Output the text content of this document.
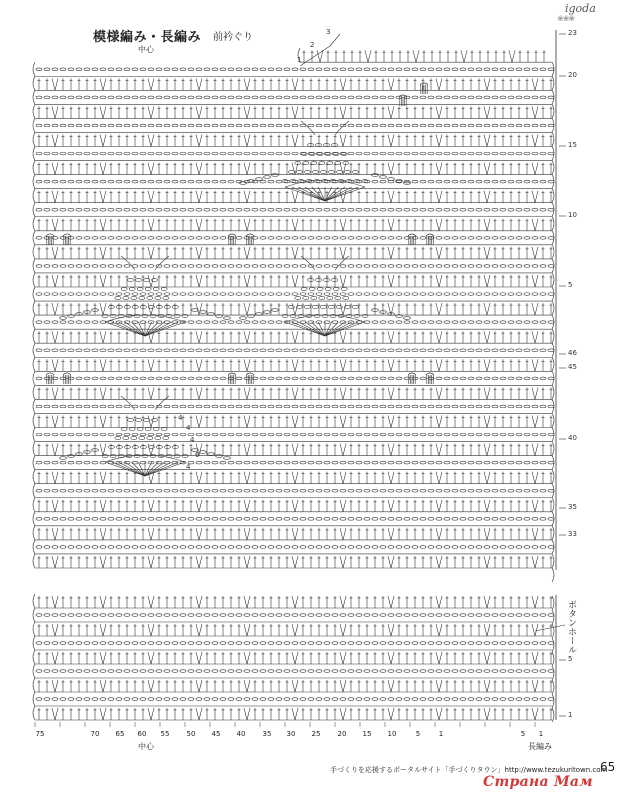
模様編み・長編み 前衿ぐり
中心
igoda
❀❀❀
3
2
1
23
20
15
10
5
46
45
40
35
33
5
1
4
4
4
6
4
75	70	65	60	55	50	45	40	35	30	25	20	15	10	5	1	5	1
中心
ボタンホール
長編み
手づくりを応援するポータルサイト「手づくりタウン」http://www.tezukuritown.com
65
Страна Мам
